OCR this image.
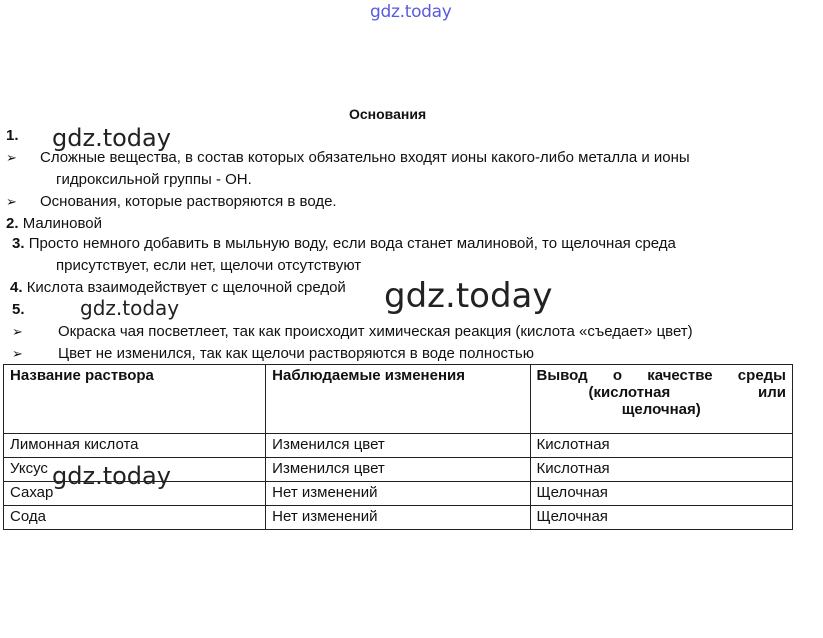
gdz.today
gdz.today
gdz.today	gdz.today
gdz.today
Основания
1.
➢ Сложные вещества, в состав которых обязательно входят ионы какого-либо металла и ионы
гидроксильной группы - ОН.
➢ Основания, которые растворяются в воде.
2. Малиновой
3. Просто немного добавить в мыльную воду, если вода станет малиновой, то щелочная среда
присутствует, если нет, щелочи отсутствуют
4. Кислота взаимодействует с щелочной средой
5.
➢ Окраска чая посветлеет, так как происходит химическая реакция (кислота «съедает» цвет)
➢ Цвет не изменился, так как щелочи растворяются в воде полностью
Название раствора	Наблюдаемые изменения	Вывод о качестве среды
(кислотная или
щелочная)

Лимонная кислота	Изменился цвет	Кислотная
Уксус	Изменился цвет	Кислотная
Сахар	Нет изменений	Щелочная
Сода	Нет изменений	Щелочная
